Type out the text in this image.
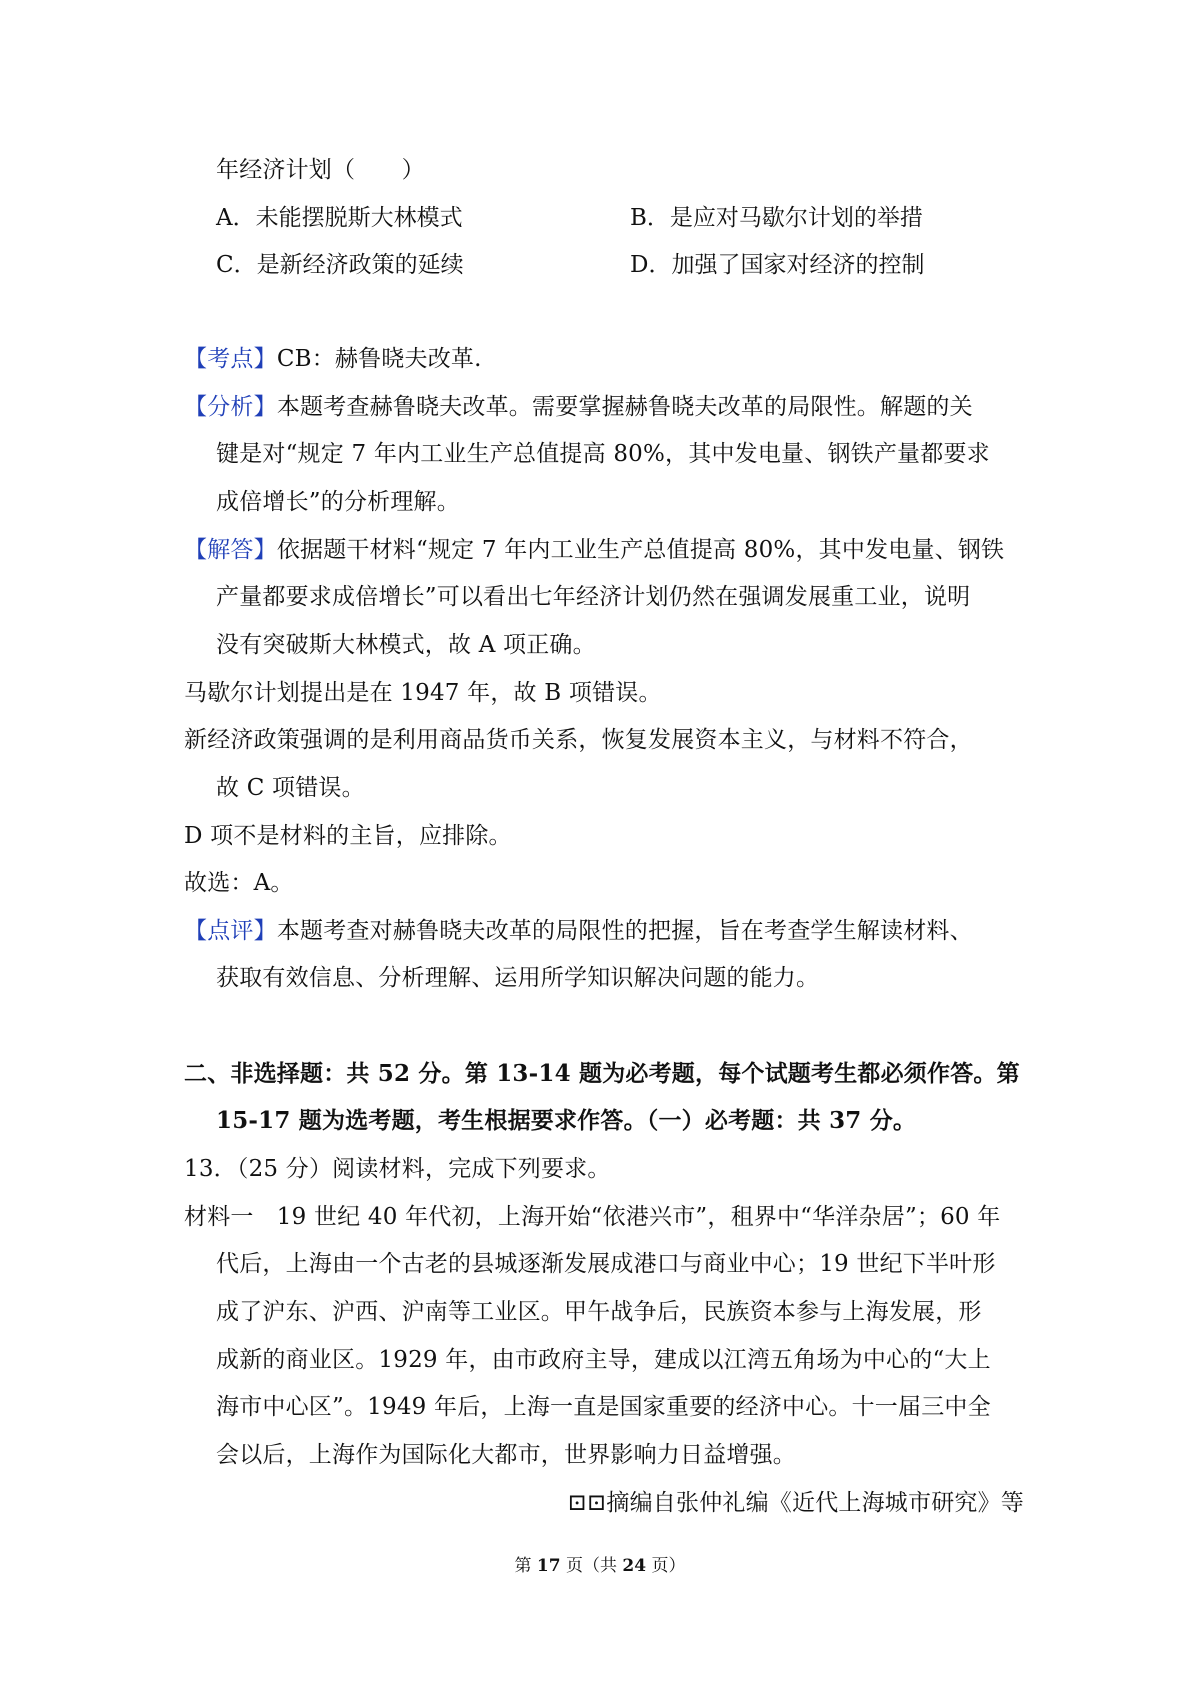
年经济计划（　　）
A．未能摆脱斯大林模式	B．是应对马歇尔计划的举措
C．是新经济政策的延续	D．加强了国家对经济的控制
【考点】CB：赫鲁晓夫改革.
【分析】本题考查赫鲁晓夫改革。需要掌握赫鲁晓夫改革的局限性。解题的关
键是对“规定 7 年内工业生产总值提高 80%，其中发电量、钢铁产量都要求
成倍增长”的分析理解。
【解答】依据题干材料“规定 7 年内工业生产总值提高 80%，其中发电量、钢铁
产量都要求成倍增长”可以看出七年经济计划仍然在强调发展重工业，说明
没有突破斯大林模式，故 A 项正确。
马歇尔计划提出是在 1947 年，故 B 项错误。
新经济政策强调的是利用商品货币关系，恢复发展资本主义，与材料不符合，
故 C 项错误。
D 项不是材料的主旨，应排除。
故选：A。
【点评】本题考查对赫鲁晓夫改革的局限性的把握，旨在考查学生解读材料、
获取有效信息、分析理解、运用所学知识解决问题的能力。
二、非选择题：共 52 分。第 13-14 题为必考题，每个试题考生都必须作答。第
15-17 题为选考题，考生根据要求作答。（一）必考题：共 37 分。
13．（25 分）阅读材料，完成下列要求。
材料一　19 世纪 40 年代初，上海开始“依港兴市”，租界中“华洋杂居”；60 年
代后，上海由一个古老的县城逐渐发展成港口与商业中心；19 世纪下半叶形
成了沪东、沪西、沪南等工业区。甲午战争后，民族资本参与上海发展，形
成新的商业区。1929 年，由市政府主导，建成以江湾五角场为中心的“大上
海市中心区”。1949 年后，上海一直是国家重要的经济中心。十一届三中全
会以后，上海作为国际化大都市，世界影响力日益增强。
⊡⊡摘编自张仲礼编《近代上海城市研究》等
第 17 页（共 24 页）
